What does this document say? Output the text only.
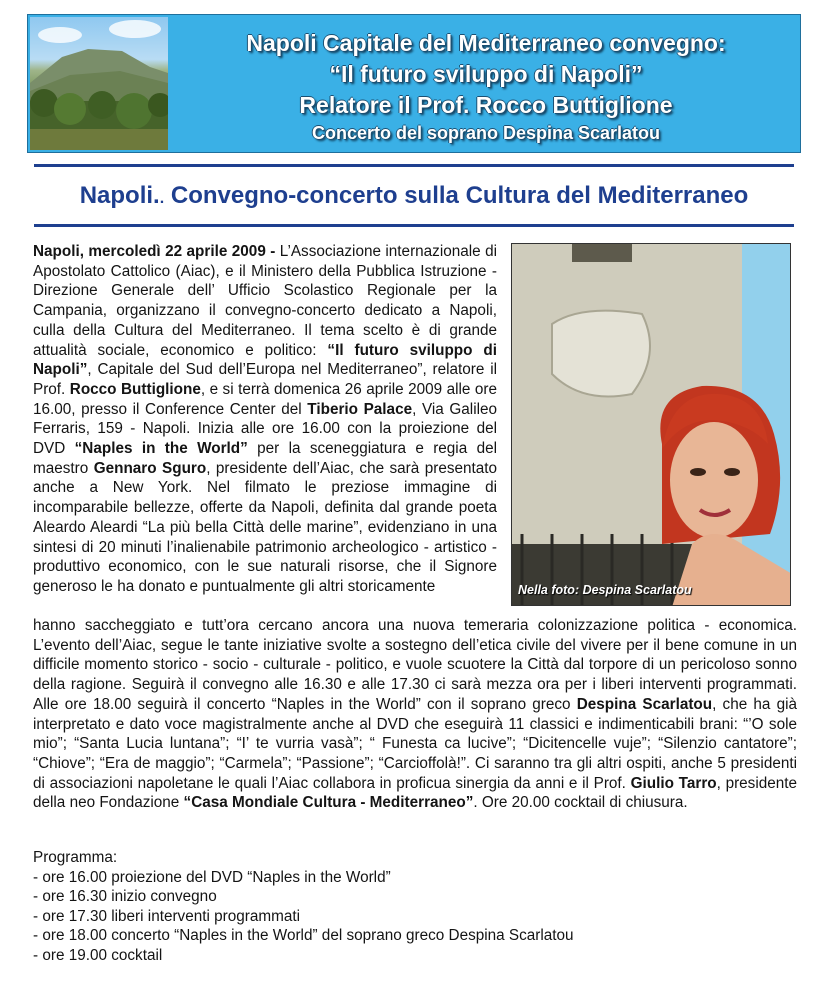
Napoli Capitale del Mediterraneo convegno:
“Il futuro sviluppo di Napoli”
Relatore il Prof. Rocco Buttiglione
Concerto del soprano Despina Scarlatou
Napoli.. Convegno-concerto sulla Cultura del Mediterraneo

Napoli, mercoledì 22 aprile 2009 - L’Associazione internazionale di Apostolato Cattolico (Aiac), e il Ministero della Pubblica Istruzione - Direzione Generale dell’ Ufficio Scolastico Regionale per la Campania, organizzano il convegno-concerto dedicato a Napoli, culla della Cultura del Mediterraneo. Il tema scelto è di grande attualità sociale, economico e politico: “Il futuro sviluppo di Napoli”, Capitale del Sud dell’Europa nel Mediterraneo”, relatore il Prof. Rocco Buttiglione, e si terrà domenica 26 aprile 2009 alle ore 16.00, presso il Conference Center del Tiberio Palace, Via Galileo Ferraris, 159 - Napoli. Inizia alle ore 16.00 con la proiezione del DVD “Naples in the World” per la sceneggiatura e regia del maestro Gennaro Sguro, presidente dell’Aiac, che sarà presentato anche a New York. Nel filmato le preziose immagine di incomparabile bellezze, offerte da Napoli, definita dal grande poeta Aleardo Aleardi “La più bella Città delle marine”, evidenziano in una sintesi di 20 minuti l’inalienabile patrimonio archeologico - artistico - produttivo economico, con le sue naturali risorse, che il Signore generoso le ha donato e puntualmente gli altri storicamente	Nella foto: Despina Scarlatou

hanno saccheggiato e tutt’ora cercano ancora una nuova temeraria colonizzazione politica - economica. L’evento dell’Aiac, segue le tante iniziative svolte a sostegno dell’etica civile del vivere per il bene comune in un difficile momento storico - socio - culturale - politico, e vuole scuotere la Città dal torpore di un pericoloso sonno della ragione. Seguirà il convegno alle 16.30 e alle 17.30 ci sarà mezza ora per i liberi interventi programmati. Alle ore 18.00 seguirà il concerto “Naples in the World” con il soprano greco Despina Scarlatou, che ha già interpretato e dato voce magistralmente anche al DVD che eseguirà 11 classici e indimenticabili brani: “’O sole mio”; “Santa Lucia luntana”; “I’ te vurria vasà”; “ Funesta ca lucive”; “Dicitencelle vuje”; “Silenzio cantatore”; “Chiove”; “Era de maggio”; “Carmela”; “Passione”; “Carcioffolà!”. Ci saranno tra gli altri ospiti, anche 5 presidenti di associazioni napoletane le quali l’Aiac collabora in proficua sinergia da anni e il Prof. Giulio Tarro, presidente della neo Fondazione “Casa Mondiale Cultura - Mediterraneo”. Ore 20.00 cocktail di chiusura.

Programma:
- ore 16.00 proiezione del DVD “Naples in the World”
- ore 16.30 inizio convegno
- ore 17.30 liberi interventi programmati
- ore 18.00 concerto “Naples in the World” del soprano greco Despina Scarlatou
- ore 19.00 cocktail
